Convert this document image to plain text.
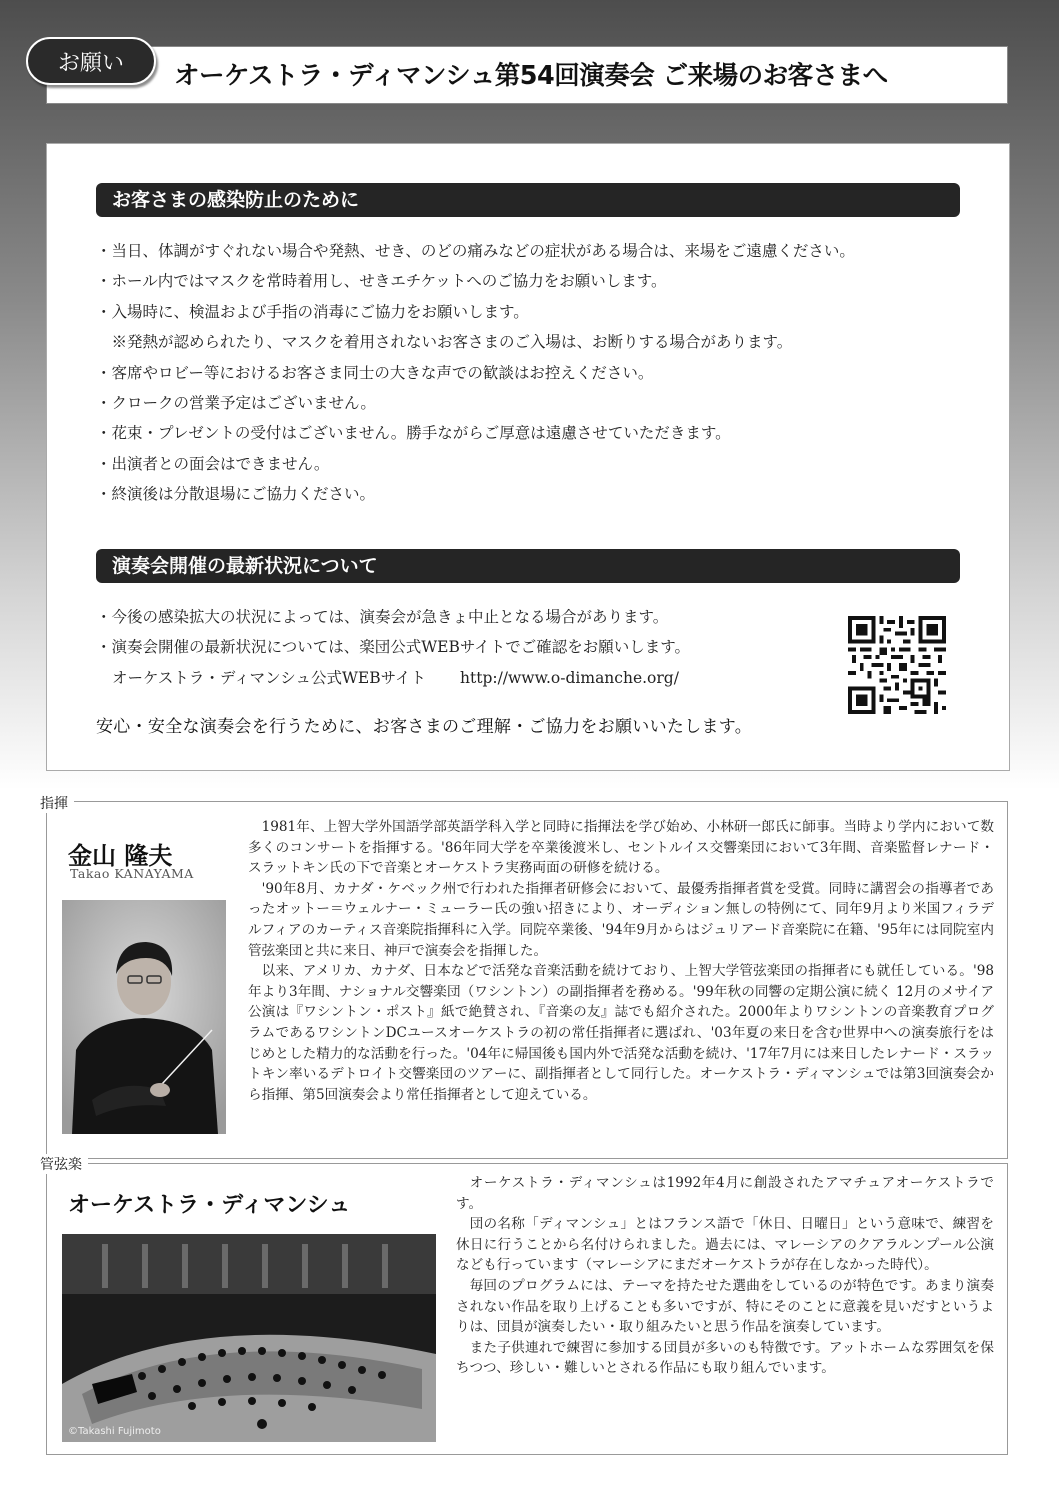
お願い	オーケストラ・ディマンシュ第54回演奏会 ご来場のお客さまへ
お客さまの感染防止のために
・当日、体調がすぐれない場合や発熱、せき、のどの痛みなどの症状がある場合は、来場をご遠慮ください。
・ホール内ではマスクを常時着用し、せきエチケットへのご協力をお願いします。
・入場時に、検温および手指の消毒にご協力をお願いします。
　※発熱が認められたり、マスクを着用されないお客さまのご入場は、お断りする場合があります。
・客席やロビー等におけるお客さま同士の大きな声での歓談はお控えください。
・クロークの営業予定はございません。
・花束・プレゼントの受付はございません。勝手ながらご厚意は遠慮させていただきます。
・出演者との面会はできません。
・終演後は分散退場にご協力ください。
演奏会開催の最新状況について
・今後の感染拡大の状況によっては、演奏会が急きょ中止となる場合があります。
・演奏会開催の最新状況については、楽団公式WEBサイトでご確認をお願いします。
オーケストラ・ディマンシュ公式WEBサイト http://www.o-dimanche.org/
安心・安全な演奏会を行うために、お客さまのご理解・ご協力をお願いいたします。
指揮
金山 隆夫
Takao KANAYAMA

1981年、上智大学外国語学部英語学科入学と同時に指揮法を学び始め、小林研一郎氏に師事。当時より学内において数多くのコンサートを指揮する。'86年同大学を卒業後渡米し、セントルイス交響楽団において3年間、音楽監督レナード・スラットキン氏の下で音楽とオーケストラ実務両面の研修を続ける。

'90年8月、カナダ・ケベック州で行われた指揮者研修会において、最優秀指揮者賞を受賞。同時に講習会の指導者であったオットー＝ウェルナー・ミューラー氏の強い招きにより、オーディション無しの特例にて、同年9月より米国フィラデルフィアのカーティス音楽院指揮科に入学。同院卒業後、'94年9月からはジュリアード音楽院に在籍、'95年には同院室内管弦楽団と共に来日、神戸で演奏会を指揮した。

以来、アメリカ、カナダ、日本などで活発な音楽活動を続けており、上智大学管弦楽団の指揮者にも就任している。'98年より3年間、ナショナル交響楽団（ワシントン）の副指揮者を務める。'99年秋の同響の定期公演に続く 12月のメサイア公演は『ワシントン・ポスト』紙で絶賛され、『音楽の友』誌でも紹介された。2000年よりワシントンの音楽教育プログラムであるワシントンDCユースオーケストラの初の常任指揮者に選ばれ、'03年夏の来日を含む世界中への演奏旅行をはじめとした精力的な活動を行った。'04年に帰国後も国内外で活発な活動を続け、'17年7月には来日したレナード・スラットキン率いるデトロイト交響楽団のツアーに、副指揮者として同行した。オーケストラ・ディマンシュでは第3回演奏会から指揮、第5回演奏会より常任指揮者として迎えている。

管弦楽
オーケストラ・ディマンシュ
©Takashi Fujimoto

オーケストラ・ディマンシュは1992年4月に創設されたアマチュアオーケストラです。

団の名称「ディマンシュ」とはフランス語で「休日、日曜日」という意味で、練習を休日に行うことから名付けられました。過去には、マレーシアのクアラルンプール公演なども行っています（マレーシアにまだオーケストラが存在しなかった時代）。

毎回のプログラムには、テーマを持たせた選曲をしているのが特色です。あまり演奏されない作品を取り上げることも多いですが、特にそのことに意義を見いだすというよりは、団員が演奏したい・取り組みたいと思う作品を演奏しています。

また子供連れで練習に参加する団員が多いのも特徴です。アットホームな雰囲気を保ちつつ、珍しい・難しいとされる作品にも取り組んでいます。
